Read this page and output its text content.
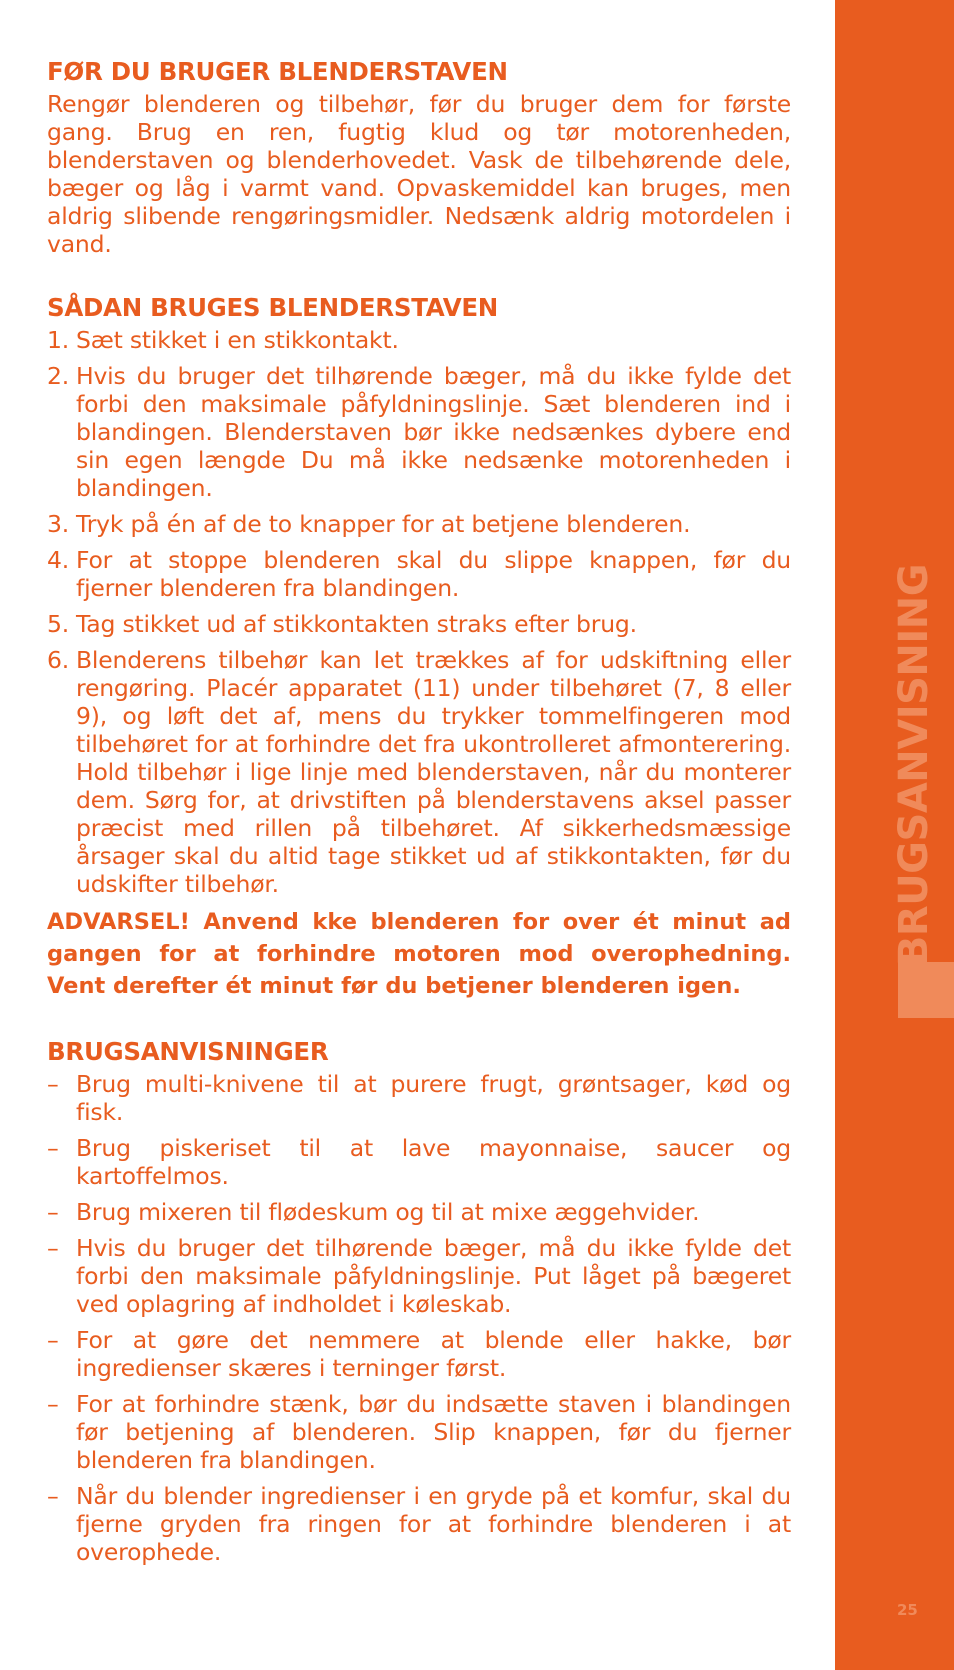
FØR DU BRUGER BLENDERSTAVEN

Rengør blenderen og tilbehør, før du bruger dem for første gang. Brug en ren, fugtig klud og tør motorenheden, blenderstaven og blenderhovedet. Vask de tilbehørende dele, bæger og låg i varmt vand. Opvaskemiddel kan bruges, men aldrig slibende rengøringsmidler. Nedsænk aldrig motordelen i vand.

SÅDAN BRUGES BLENDERSTAVEN
1. Sæt stikket i en stikkontakt.
2. Hvis du bruger det tilhørende bæger, må du ikke fylde det forbi den maksimale påfyldningslinje. Sæt blenderen ind i blandingen. Blenderstaven bør ikke nedsænkes dybere end sin egen længde Du må ikke nedsænke motorenheden i blandingen.
3. Tryk på én af de to knapper for at betjene blenderen.
4. For at stoppe blenderen skal du slippe knappen, før du fjerner blenderen fra blandingen.
5. Tag stikket ud af stikkontakten straks efter brug.
6. Blenderens tilbehør kan let trækkes af for udskiftning eller rengøring. Placér apparatet (11) under tilbehøret (7, 8 eller 9), og løft det af, mens du trykker tommelfingeren mod tilbehøret for at forhindre det fra ukontrolleret afmonterering. Hold tilbehør i lige linje med blenderstaven, når du monterer dem. Sørg for, at drivstiften på blenderstavens aksel passer præcist med rillen på tilbehøret. Af sikkerhedsmæssige årsager skal du altid tage stikket ud af stikkontakten, før du udskifter tilbehør.

ADVARSEL! Anvend kke blenderen for over ét minut ad gangen for at forhindre motoren mod overophedning. Vent derefter ét minut før du betjener blenderen igen.

BRUGSANVISNINGER
– Brug multi-knivene til at purere frugt, grøntsager, kød og fisk.
– Brug piskeriset til at lave mayonnaise, saucer og kartoffelmos.
– Brug mixeren til flødeskum og til at mixe æggehvider.
– Hvis du bruger det tilhørende bæger, må du ikke fylde det forbi den maksimale påfyldningslinje. Put låget på bægeret ved oplagring af indholdet i køleskab.
– For at gøre det nemmere at blende eller hakke, bør ingredienser skæres i terninger først.
– For at forhindre stænk, bør du indsætte staven i blandingen før betjening af blenderen. Slip knappen, før du fjerner blenderen fra blandingen.
– Når du blender ingredienser i en gryde på et komfur, skal du fjerne gryden fra ringen for at forhindre blenderen i at overophede.
BRUGSANVISNING
25
